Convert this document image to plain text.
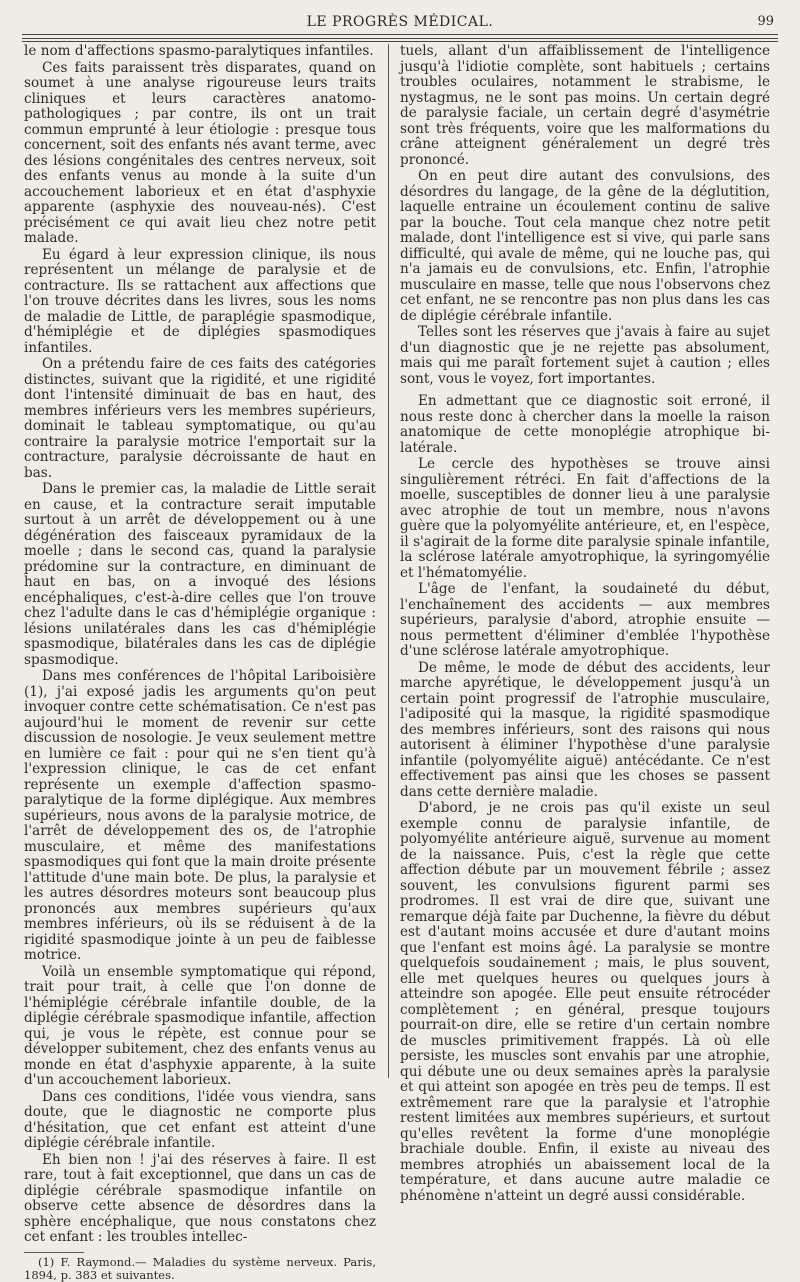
LE PROGRÈS MÉDICAL.	99

le nom d'affections spasmo-paralytiques infantiles.

Ces faits paraissent très disparates, quand on soumet à une analyse rigoureuse leurs traits cliniques et leurs caractères anatomo-pathologiques ; par contre, ils ont un trait commun emprunté à leur étiologie : presque tous concernent, soit des enfants nés avant terme, avec des lésions congénitales des centres nerveux, soit des enfants venus au monde à la suite d'un accouchement laborieux et en état d'asphyxie apparente (asphyxie des nouveau-nés). C'est précisément ce qui avait lieu chez notre petit malade.

Eu égard à leur expression clinique, ils nous représentent un mélange de paralysie et de contracture. Ils se rattachent aux affections que l'on trouve décrites dans les livres, sous les noms de maladie de Little, de paraplégie spasmodique, d'hémiplégie et de diplégies spasmodiques infantiles.

On a prétendu faire de ces faits des catégories distinctes, suivant que la rigidité, et une rigidité dont l'intensité diminuait de bas en haut, des membres inférieurs vers les membres supérieurs, dominait le tableau symptomatique, ou qu'au contraire la paralysie motrice l'emportait sur la contracture, paralysie décroissante de haut en bas.

Dans le premier cas, la maladie de Little serait en cause, et la contracture serait imputable surtout à un arrêt de développement ou à une dégénération des faisceaux pyramidaux de la moelle ; dans le second cas, quand la paralysie prédomine sur la contracture, en diminuant de haut en bas, on a invoqué des lésions encéphaliques, c'est-à-dire celles que l'on trouve chez l'adulte dans le cas d'hémiplégie organique : lésions unilatérales dans les cas d'hémiplégie spasmodique, bilatérales dans les cas de diplégie spasmodique.

Dans mes conférences de l'hôpital Lariboisière (1), j'ai exposé jadis les arguments qu'on peut invoquer contre cette schématisation. Ce n'est pas aujourd'hui le moment de revenir sur cette discussion de nosologie. Je veux seulement mettre en lumière ce fait : pour qui ne s'en tient qu'à l'expression clinique, le cas de cet enfant représente un exemple d'affection spasmo-paralytique de la forme diplégique. Aux membres supérieurs, nous avons de la paralysie motrice, de l'arrêt de développement des os, de l'atrophie musculaire, et même des manifestations spasmodiques qui font que la main droite présente l'attitude d'une main bote. De plus, la paralysie et les autres désordres moteurs sont beaucoup plus prononcés aux membres supérieurs qu'aux membres inférieurs, où ils se réduisent à de la rigidité spasmodique jointe à un peu de faiblesse motrice.

Voilà un ensemble symptomatique qui répond, trait pour trait, à celle que l'on donne de l'hémiplégie cérébrale infantile double, de la diplégie cérébrale spasmodique infantile, affection qui, je vous le répète, est connue pour se développer subitement, chez des enfants venus au monde en état d'asphyxie apparente, à la suite d'un accouchement laborieux.

Dans ces conditions, l'idée vous viendra, sans doute, que le diagnostic ne comporte plus d'hésitation, que cet enfant est atteint d'une diplégie cérébrale infantile.

Eh bien non ! j'ai des réserves à faire. Il est rare, tout à fait exceptionnel, que dans un cas de diplégie cérébrale spasmodique infantile on observe cette absence de désordres dans la sphère encéphalique, que nous constatons chez cet enfant : les troubles intellec-

(1) F. Raymond.— Maladies du système nerveux. Paris, 1894, p. 383 et suivantes.

tuels, allant d'un affaiblissement de l'intelligence jusqu'à l'idiotie complète, sont habituels ; certains troubles oculaires, notamment le strabisme, le nystagmus, ne le sont pas moins. Un certain degré de paralysie faciale, un certain degré d'asymétrie sont très fréquents, voire que les malformations du crâne atteignent généralement un degré très prononcé.

On en peut dire autant des convulsions, des désordres du langage, de la gêne de la déglutition, laquelle entraine un écoulement continu de salive par la bouche. Tout cela manque chez notre petit malade, dont l'intelligence est si vive, qui parle sans difficulté, qui avale de même, qui ne louche pas, qui n'a jamais eu de convulsions, etc. Enfin, l'atrophie musculaire en masse, telle que nous l'observons chez cet enfant, ne se rencontre pas non plus dans les cas de diplégie cérébrale infantile.

Telles sont les réserves que j'avais à faire au sujet d'un diagnostic que je ne rejette pas absolument, mais qui me paraît fortement sujet à caution ; elles sont, vous le voyez, fort importantes.

En admettant que ce diagnostic soit erroné, il nous reste donc à chercher dans la moelle la raison anatomique de cette monoplégie atrophique bi-latérale.

Le cercle des hypothèses se trouve ainsi singulièrement rétréci. En fait d'affections de la moelle, susceptibles de donner lieu à une paralysie avec atrophie de tout un membre, nous n'avons guère que la polyomyélite antérieure, et, en l'espèce, il s'agirait de la forme dite paralysie spinale infantile, la sclérose latérale amyotrophique, la syringomyélie et l'hématomyélie.

L'âge de l'enfant, la soudaineté du début, l'enchaînement des accidents — aux membres supérieurs, paralysie d'abord, atrophie ensuite — nous permettent d'éliminer d'emblée l'hypothèse d'une sclérose latérale amyotrophique.

De même, le mode de début des accidents, leur marche apyrétique, le développement jusqu'à un certain point progressif de l'atrophie musculaire, l'adiposité qui la masque, la rigidité spasmodique des membres inférieurs, sont des raisons qui nous autorisent à éliminer l'hypothèse d'une paralysie infantile (polyomyélite aiguë) antécédante. Ce n'est effectivement pas ainsi que les choses se passent dans cette dernière maladie.

D'abord, je ne crois pas qu'il existe un seul exemple connu de paralysie infantile, de polyomyélite antérieure aiguë, survenue au moment de la naissance. Puis, c'est la règle que cette affection débute par un mouvement fébrile ; assez souvent, les convulsions figurent parmi ses prodromes. Il est vrai de dire que, suivant une remarque déjà faite par Duchenne, la fièvre du début est d'autant moins accusée et dure d'autant moins que l'enfant est moins âgé. La paralysie se montre quelquefois soudainement ; mais, le plus souvent, elle met quelques heures ou quelques jours à atteindre son apogée. Elle peut ensuite rétrocéder complètement ; en général, presque toujours pourrait-on dire, elle se retire d'un certain nombre de muscles primitivement frappés. Là où elle persiste, les muscles sont envahis par une atrophie, qui débute une ou deux semaines après la paralysie et qui atteint son apogée en très peu de temps. Il est extrêmement rare que la paralysie et l'atrophie restent limitées aux membres supérieurs, et surtout qu'elles revêtent la forme d'une monoplégie brachiale double. Enfin, il existe au niveau des membres atrophiés un abaissement local de la température, et dans aucune autre maladie ce phénomène n'atteint un degré aussi considérable.
